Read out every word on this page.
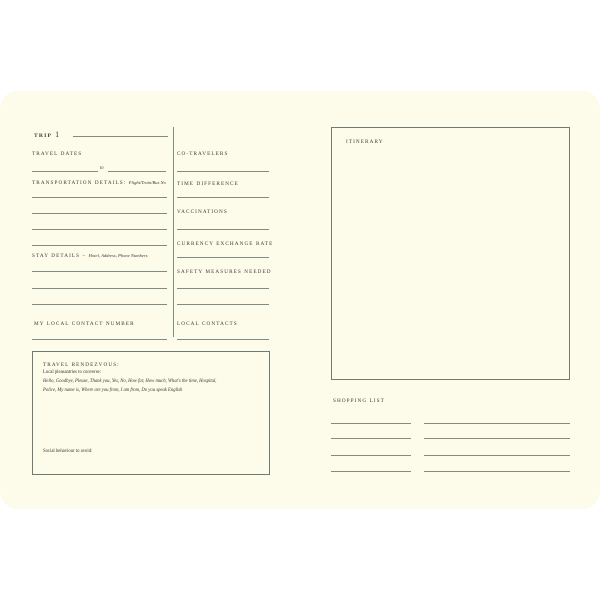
TRIP 1
TRAVEL DATES
to
TRANSPORTATION DETAILS: Flight/Train/Bus No
STAY DETAILS – Hotel, Address, Phone Numbers
MY LOCAL CONTACT NUMBER
CO-TRAVELERS
TIME DIFFERENCE
VACCINATIONS
CURRENCY EXCHANGE RATE
SAFETY MEASURES NEEDED
LOCAL CONTACTS
TRAVEL RENDEZVOUS:
Local pleasantries to converse:
Hello, Goodbye, Please, Thank you, Yes, No, How far, How much, What's the time, Hospital,
Police, My name is, Where are you from, I am from, Do you speak English
Social behaviour to avoid:
ITINERARY
SHOPPING LIST
